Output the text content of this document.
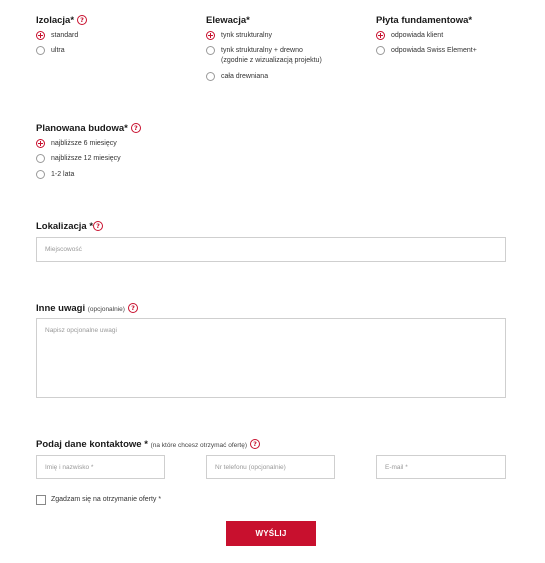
Izolacja* ?
standard
ultra
Elewacja*
tynk strukturalny
tynk strukturalny + drewno
(zgodnie z wizualizacją projektu)
cała drewniana
Płyta fundamentowa*
odpowiada klient
odpowiada Swiss Element+
Planowana budowa* ?
najbliższe 6 miesięcy
najbliższe 12 miesięcy
1-2 lata
Lokalizacja * ?
Miejscowość
Inne uwagi (opcjonalnie) ?
Napisz opcjonalne uwagi
Podaj dane kontaktowe * (na które chcesz otrzymać ofertę) ?
Imię i nazwisko *	Nr telefonu (opcjonalnie)	E-mail *
Zgadzam się na otrzymanie oferty *
WYŚLIJ
